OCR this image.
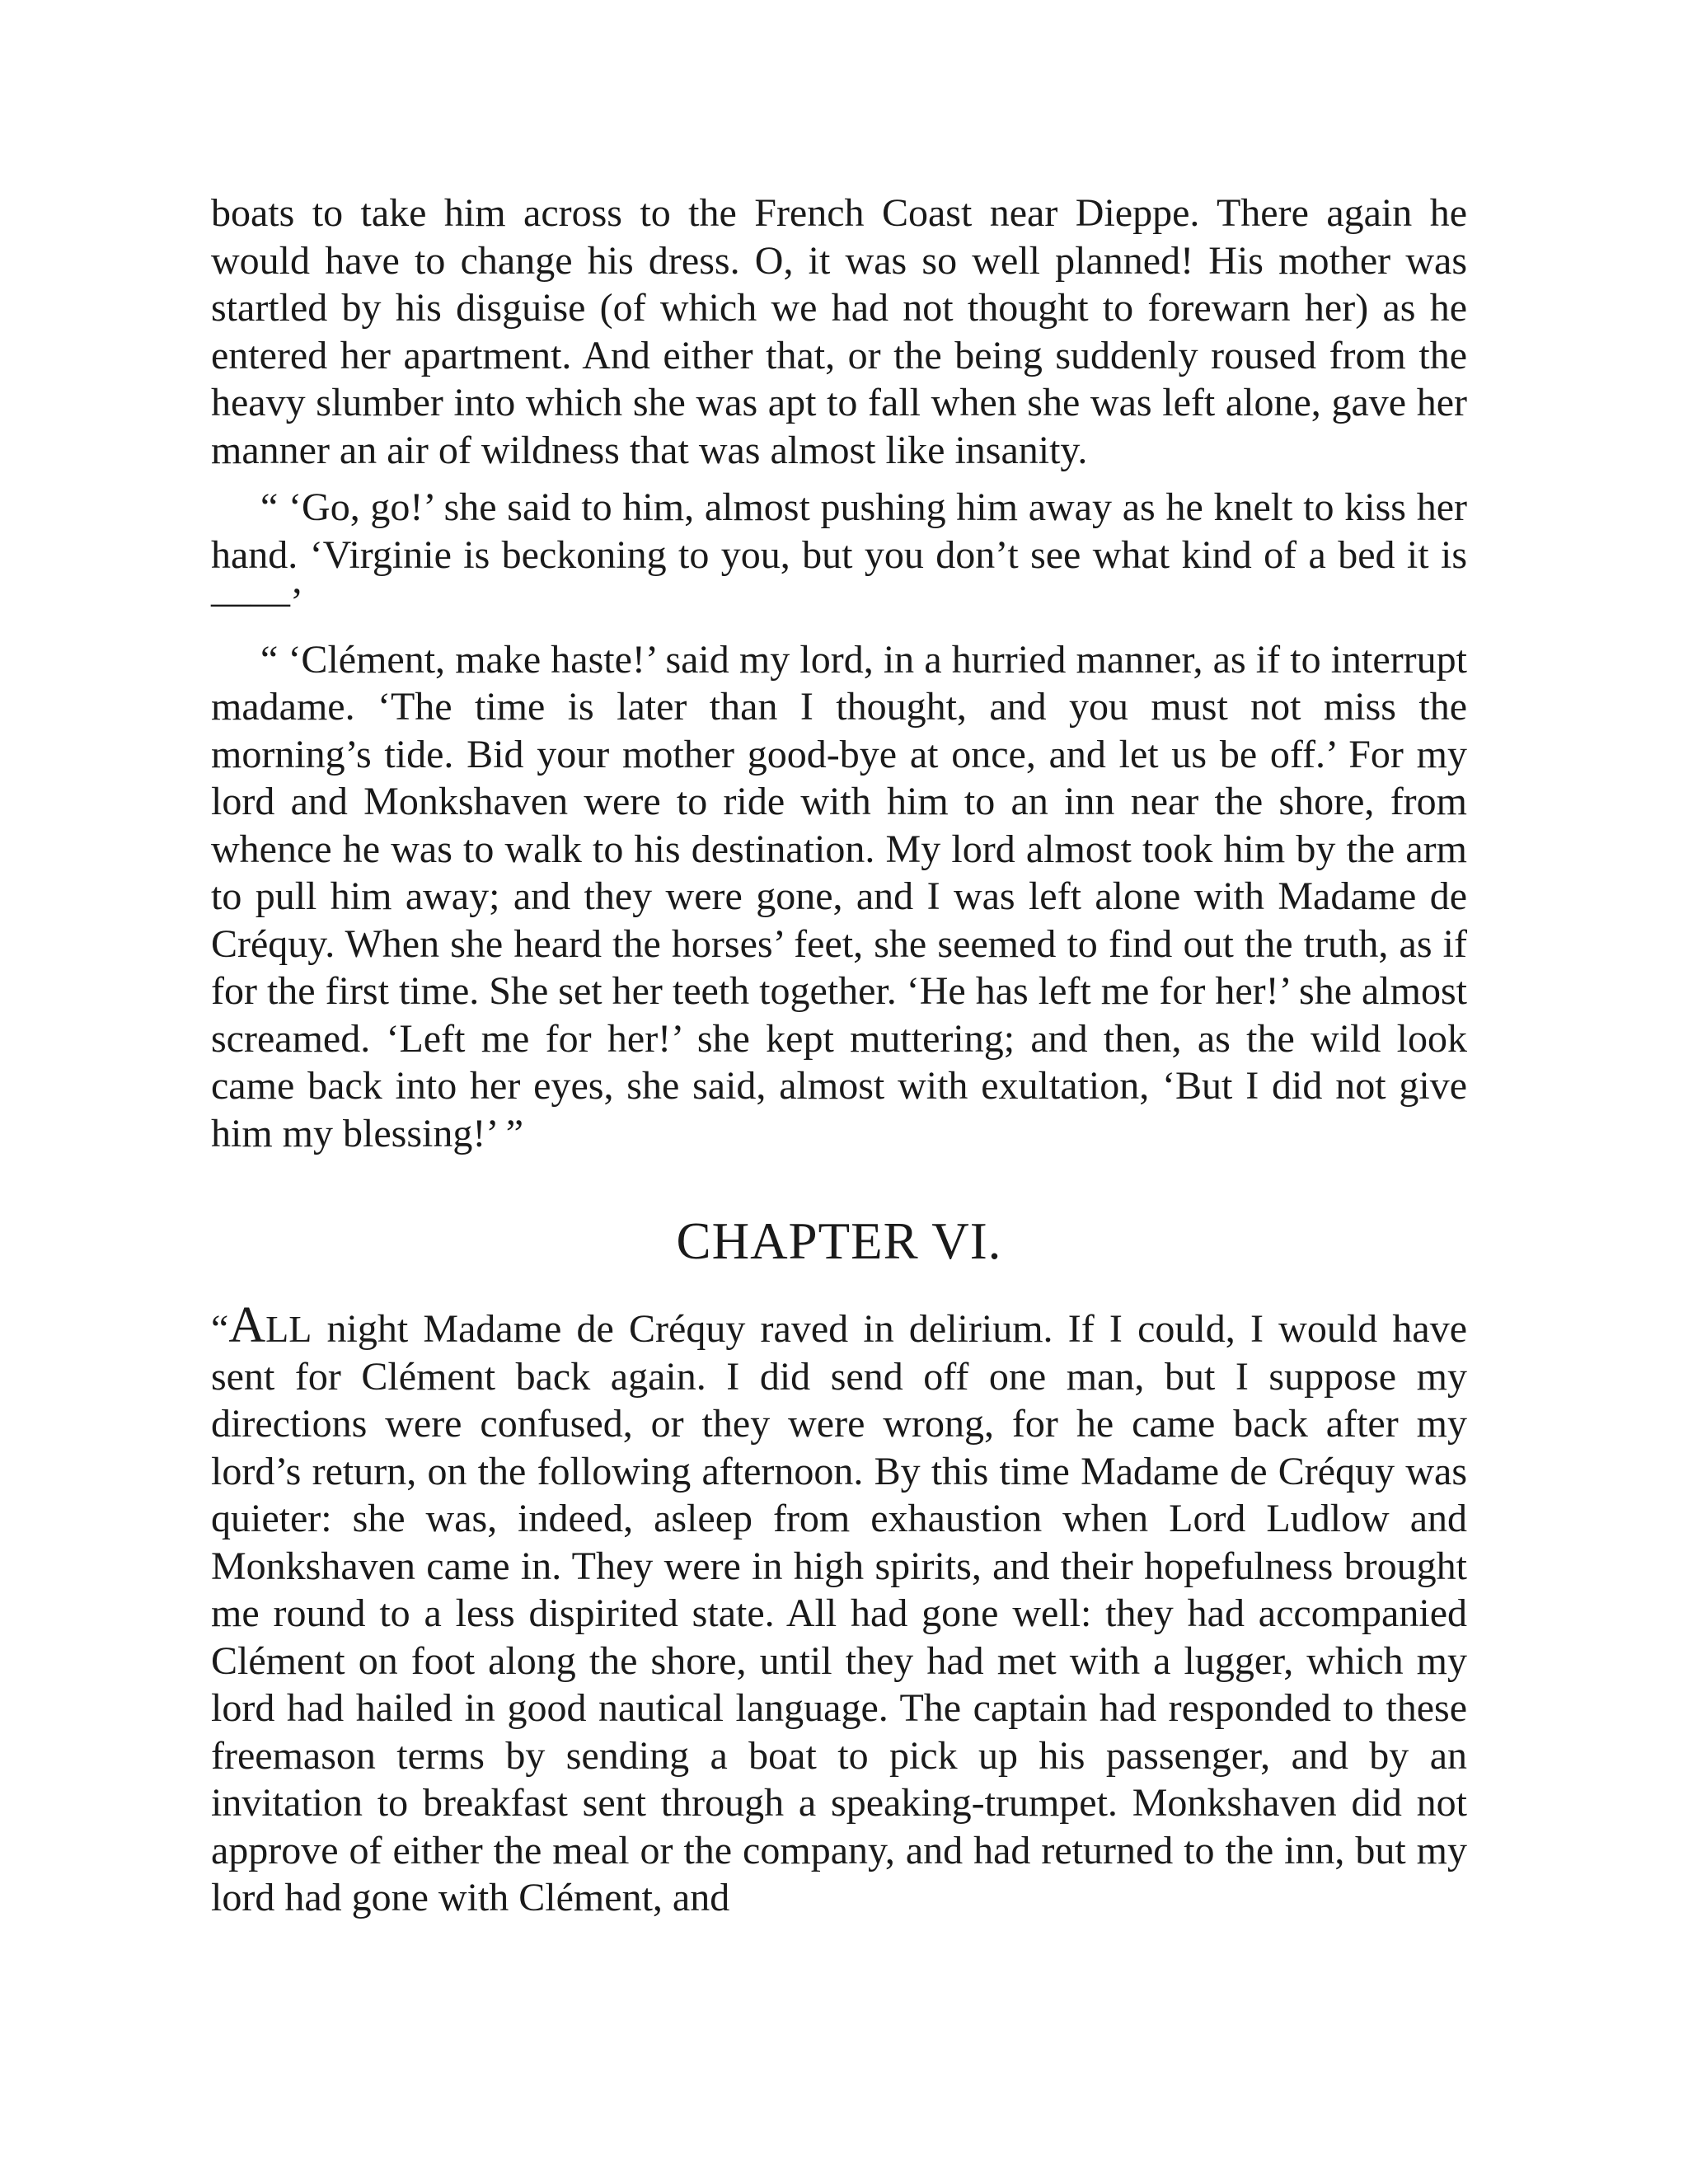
boats to take him across to the French Coast near Dieppe. There again he would have to change his dress. O, it was so well planned! His mother was startled by his disguise (of which we had not thought to forewarn her) as he entered her apartment. And either that, or the being suddenly roused from the heavy slumber into which she was apt to fall when she was left alone, gave her manner an air of wildness that was almost like insanity.

“ ‘Go, go!’ she said to him, almost pushing him away as he knelt to kiss her hand. ‘Virginie is beckoning to you, but you don’t see what kind of a bed it is——’

“ ‘Clément, make haste!’ said my lord, in a hurried manner, as if to interrupt madame. ‘The time is later than I thought, and you must not miss the morning’s tide. Bid your mother good-bye at once, and let us be off.’ For my lord and Monkshaven were to ride with him to an inn near the shore, from whence he was to walk to his destination. My lord almost took him by the arm to pull him away; and they were gone, and I was left alone with Madame de Créquy. When she heard the horses’ feet, she seemed to find out the truth, as if for the first time. She set her teeth together. ‘He has left me for her!’ she almost screamed. ‘Left me for her!’ she kept muttering; and then, as the wild look came back into her eyes, she said, almost with exultation, ‘But I did not give him my blessing!’ ”

CHAPTER VI.

“ALL night Madame de Créquy raved in delirium. If I could, I would have sent for Clément back again. I did send off one man, but I suppose my directions were confused, or they were wrong, for he came back after my lord’s return, on the following afternoon. By this time Madame de Créquy was quieter: she was, indeed, asleep from exhaustion when Lord Ludlow and Monkshaven came in. They were in high spirits, and their hopefulness brought me round to a less dispirited state. All had gone well: they had accompanied Clément on foot along the shore, until they had met with a lugger, which my lord had hailed in good nautical language. The captain had responded to these freemason terms by sending a boat to pick up his passenger, and by an invitation to breakfast sent through a speaking-trumpet. Monkshaven did not approve of either the meal or the company, and had returned to the inn, but my lord had gone with Clément, and
